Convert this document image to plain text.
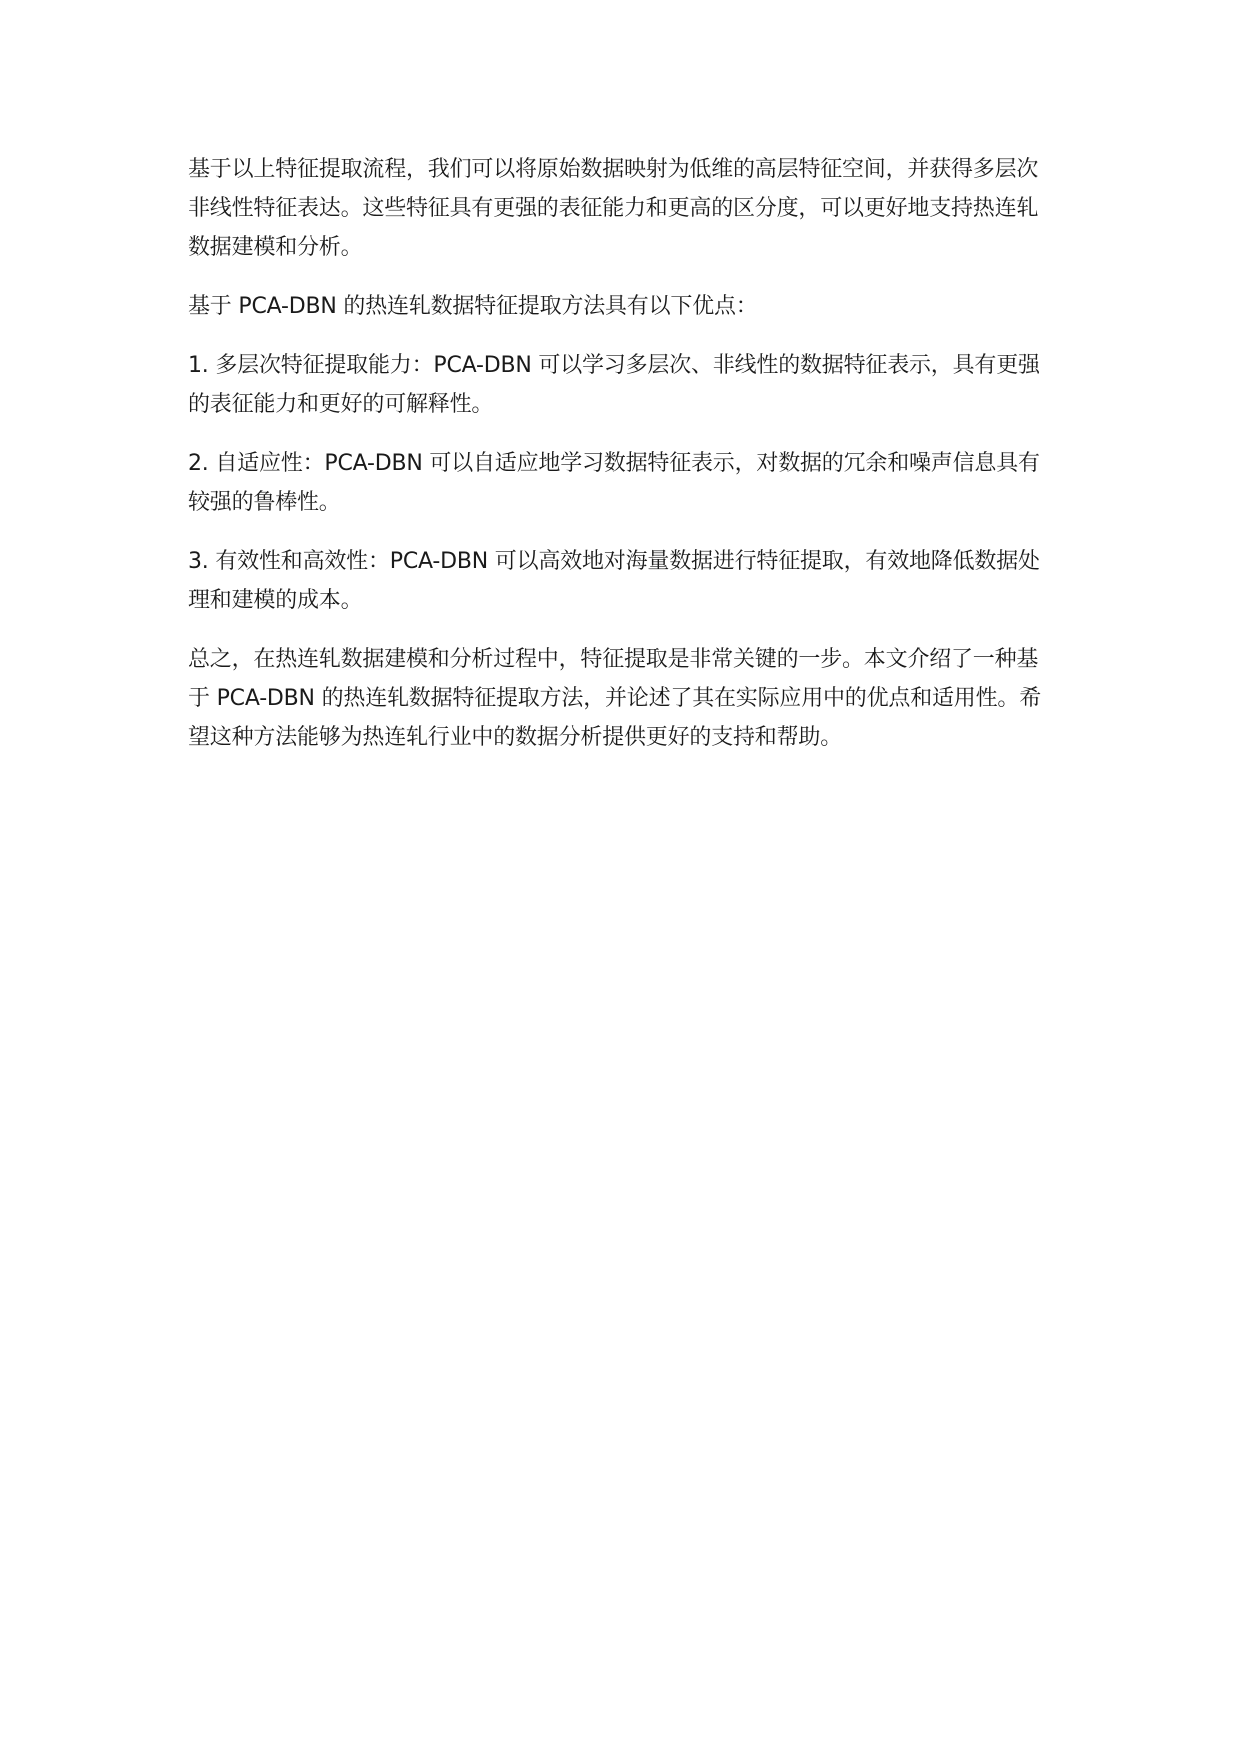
基于以上特征提取流程，我们可以将原始数据映射为低维的高层特征空间，并获得多层次非线性特征表达。这些特征具有更强的表征能力和更高的区分度，可以更好地支持热连轧数据建模和分析。

基于 PCA-DBN 的热连轧数据特征提取方法具有以下优点：

1. 多层次特征提取能力：PCA-DBN 可以学习多层次、非线性的数据特征表示，具有更强的表征能力和更好的可解释性。

2. 自适应性：PCA-DBN 可以自适应地学习数据特征表示，对数据的冗余和噪声信息具有较强的鲁棒性。

3. 有效性和高效性：PCA-DBN 可以高效地对海量数据进行特征提取，有效地降低数据处理和建模的成本。

总之，在热连轧数据建模和分析过程中，特征提取是非常关键的一步。本文介绍了一种基于 PCA-DBN 的热连轧数据特征提取方法，并论述了其在实际应用中的优点和适用性。希望这种方法能够为热连轧行业中的数据分析提供更好的支持和帮助。
